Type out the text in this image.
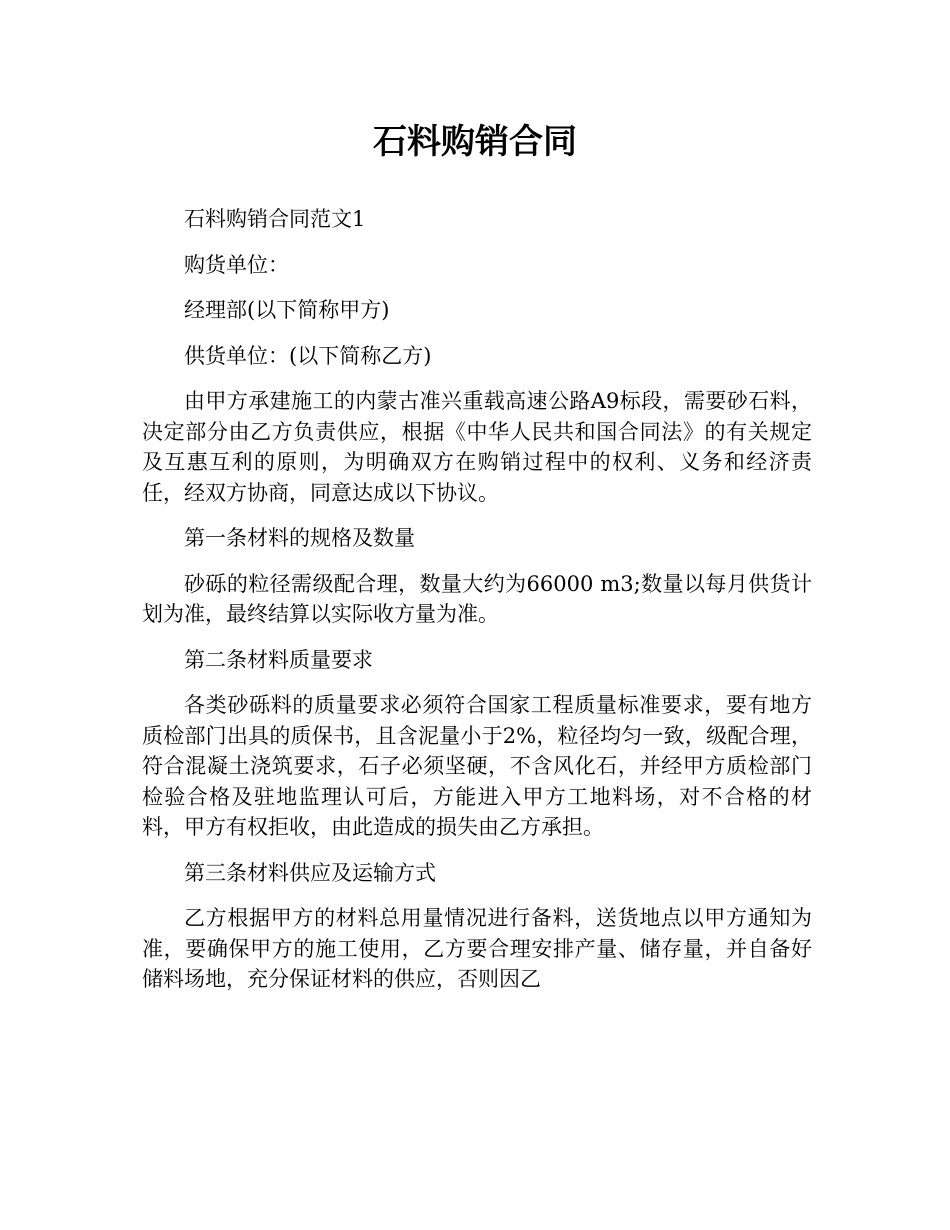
石料购销合同

石料购销合同范文1

购货单位：

经理部(以下简称甲方)

供货单位：(以下简称乙方)

由甲方承建施工的内蒙古准兴重载高速公路A9标段，需要砂石料，决定部分由乙方负责供应，根据《中华人民共和国合同法》的有关规定及互惠互利的原则，为明确双方在购销过程中的权利、义务和经济责任，经双方协商，同意达成以下协议。

第一条材料的规格及数量

砂砾的粒径需级配合理，数量大约为66000 m3;数量以每月供货计划为准，最终结算以实际收方量为准。

第二条材料质量要求

各类砂砾料的质量要求必须符合国家工程质量标准要求，要有地方质检部门出具的质保书，且含泥量小于2%，粒径均匀一致，级配合理，符合混凝土浇筑要求，石子必须坚硬，不含风化石，并经甲方质检部门检验合格及驻地监理认可后，方能进入甲方工地料场，对不合格的材料，甲方有权拒收，由此造成的损失由乙方承担。

第三条材料供应及运输方式

乙方根据甲方的材料总用量情况进行备料，送货地点以甲方通知为准，要确保甲方的施工使用，乙方要合理安排产量、储存量，并自备好储料场地，充分保证材料的供应，否则因乙
